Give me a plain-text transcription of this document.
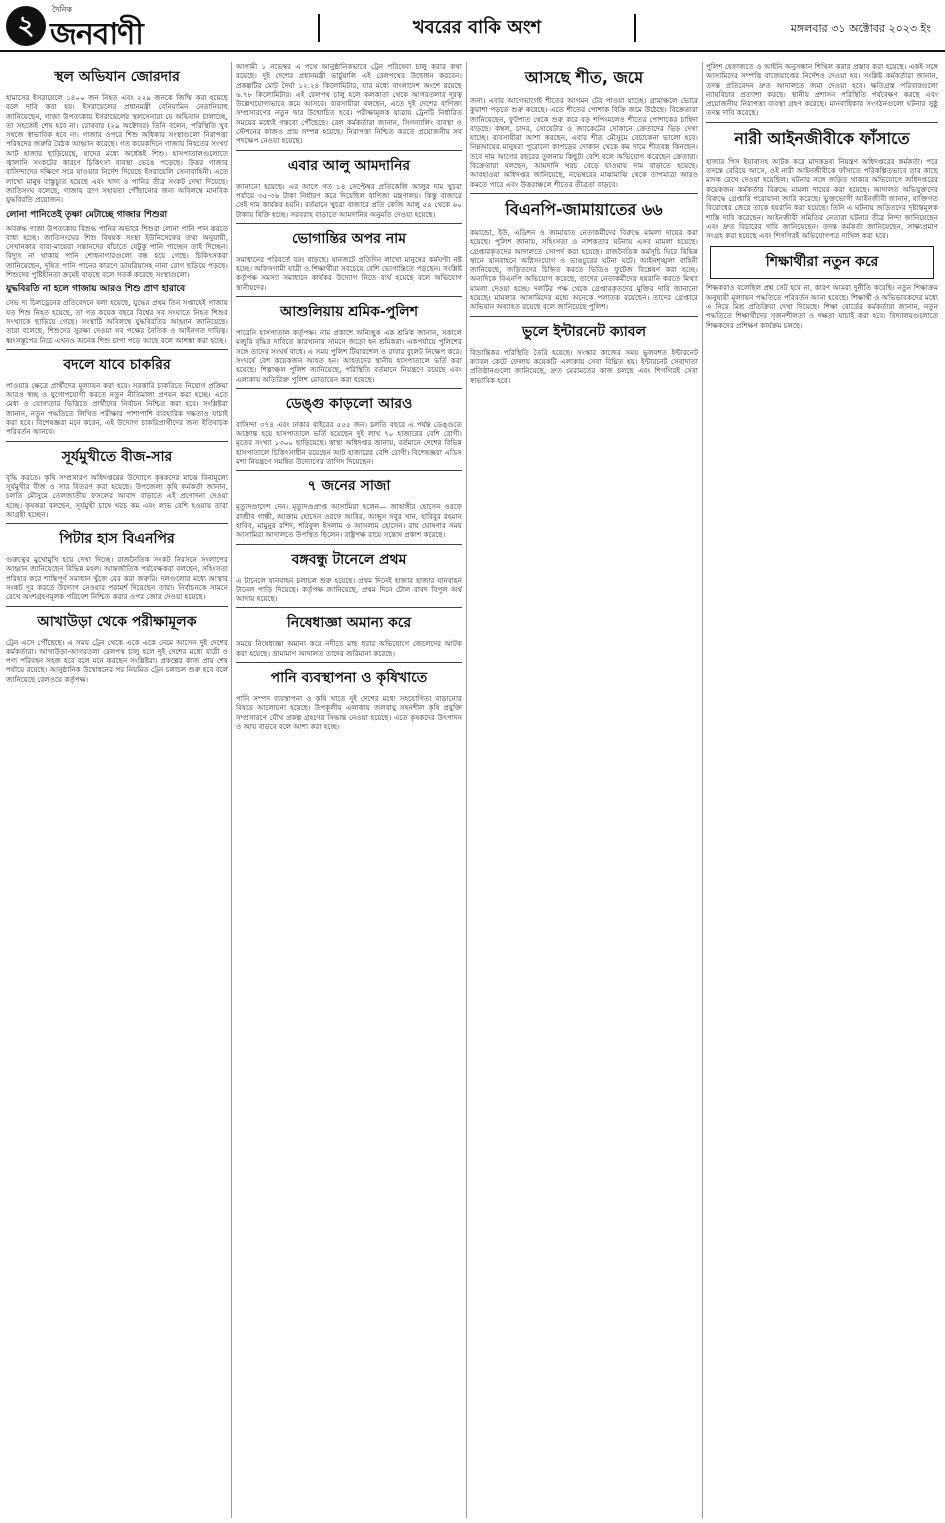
২
দৈনিক
জনবাণী	খবরের বাকি অংশ	মঙ্গলবার ৩১ অক্টোবর ২০২৩ ইং
স্থল অভিযান জোরদার
হামাসের ইসরায়েলে ১৪০০ জন নিহত এবং ২২৯ জনকে জিম্মি করা হয়েছে বলে দাবি করা হয়। ইসরায়েলের প্রধানমন্ত্রী বেনিয়ামিন নেতানিয়াহু জানিয়েছেন, গাজা উপত্যকায় ইসরায়েলের স্থলসেনারা যে অভিযান চালাচ্ছে, তা সহজেই শেষ হবে না। রোববার (২৯ অক্টোবর) তিনি বলেন, পরিস্থিতি খুব সহজে স্বাভাবিক হবে না। গাজার ওপরে শিশু অধিকার সংস্থাগুলো নিরাপত্তা পরিষদের জরুরি বৈঠক আহ্বান করেছে। গত কয়েকদিনে গাজায় নিহতের সংখ্যা আট হাজার ছাড়িয়েছে, যাদের মধ্যে অর্ধেকই শিশু। হাসপাতালগুলোতে জ্বালানি সংকটের কারণে চিকিৎসা ব্যবস্থা ভেঙে পড়েছে। উত্তর গাজার বাসিন্দাদের দক্ষিণে সরে যাওয়ার নির্দেশ দিয়েছে ইসরায়েলি সেনাবাহিনী। এতে লাখো মানুষ বাস্তুচ্যুত হয়েছে এবং খাদ্য ও পানির তীব্র সংকট দেখা দিয়েছে। জাতিসংঘ বলেছে, গাজায় ত্রাণ সহায়তা পৌঁছানোর জন্য অবিলম্বে মানবিক যুদ্ধবিরতি প্রয়োজন।
লোনা পানিতেই তৃষ্ণা মেটাচ্ছে গাজার শিশুরা
অবরুদ্ধ গাজা উপত্যকায় বিশুদ্ধ পানির অভাবে শিশুরা লোনা পানি পান করতে বাধ্য হচ্ছে। জাতিসংঘের শিশু বিষয়ক সংস্থা ইউনিসেফের তথ্য অনুযায়ী, সেখানকার বাবা-মায়েরা সন্তানদের বাঁচাতে যেটুকু পানি পাচ্ছেন তাই দিচ্ছেন। বিদ্যুৎ না থাকায় পানি শোধনাগারগুলো বন্ধ হয়ে গেছে। চিকিৎসকরা জানিয়েছেন, দূষিত পানি পানের কারণে ডায়রিয়াসহ নানা রোগ ছড়িয়ে পড়ছে। শিশুদের পুষ্টিহীনতা ক্রমেই বাড়ছে বলে সতর্ক করেছে সংস্থাগুলো।
যুদ্ধবিরতি না হলে গাজায় আরও শিশু প্রাণ হারাবে
সেভ দ্য চিলড্রেনের প্রতিবেদনে বলা হয়েছে, যুদ্ধের প্রথম তিন সপ্তাহেই গাজায় যত শিশু নিহত হয়েছে, তা গত কয়েক বছরে বিশ্বের সব সংঘাতে নিহত শিশুর সংখ্যাকে ছাড়িয়ে গেছে। সংস্থাটি অবিলম্বে যুদ্ধবিরতির আহ্বান জানিয়েছে। তারা বলেছে, শিশুদের সুরক্ষা দেওয়া সব পক্ষের নৈতিক ও আইনগত দায়িত্ব। ধ্বংসস্তূপের নিচে এখনও অনেক শিশু চাপা পড়ে আছে বলে আশঙ্কা করা হচ্ছে।
বদলে যাবে চাকরির
পাওয়ার ক্ষেত্রে প্রার্থীদের মূল্যায়ন করা হবে। সরকারি চাকরিতে নিয়োগ প্রক্রিয়া আরও স্বচ্ছ ও যুগোপযোগী করতে নতুন নীতিমালা প্রণয়ন করা হচ্ছে। এতে মেধা ও যোগ্যতার ভিত্তিতে প্রার্থীদের নির্বাচন নিশ্চিত করা হবে। সংশ্লিষ্টরা জানান, নতুন পদ্ধতিতে লিখিত পরীক্ষার পাশাপাশি ব্যবহারিক দক্ষতাও যাচাই করা হবে। বিশেষজ্ঞরা মনে করেন, এই উদ্যোগ চাকরিপ্রার্থীদের জন্য ইতিবাচক পরিবর্তন আনবে।
সূর্যমুখীতে বীজ-সার
বৃদ্ধি করতে। কৃষি সম্প্রসারণ অধিদপ্তরের উদ্যোগে কৃষকদের মাঝে বিনামূল্যে সূর্যমুখীর বীজ ও সার বিতরণ করা হয়েছে। উপজেলা কৃষি কর্মকর্তা জানান, চলতি মৌসুমে তেলজাতীয় ফসলের আবাদ বাড়াতে এই প্রণোদনা দেওয়া হচ্ছে। কৃষকরা বলছেন, সূর্যমুখী চাষে খরচ কম এবং লাভ বেশি হওয়ায় তারা আগ্রহী হচ্ছেন।
পিটার হাস বিএনপির
গুরুত্বের মুখোমুখি হয়ে দেখা দিচ্ছে। রাজনৈতিক সংকট নিরসনে সংলাপের আহ্বান জানিয়েছেন বিভিন্ন মহল। আন্তর্জাতিক পর্যবেক্ষকরা বলছেন, সহিংসতা পরিহার করে শান্তিপূর্ণ সমাধান খুঁজে বের করা জরুরি। দলগুলোর মধ্যে আস্থার সংকট দূর করতে উদ্যোগ নেওয়ার পরামর্শ দিয়েছেন তারা। নির্বাচনকে সামনে রেখে অংশগ্রহণমূলক পরিবেশ নিশ্চিত করার ওপর জোর দেওয়া হয়েছে।
আখাউড়া থেকে পরীক্ষামূলক
ট্রেন এসে পৌঁছেছে। এ সময় ট্রেন থেকে একে একে নেমে আসেন দুই দেশের কর্মকর্তারা। আখাউড়া-আগরতলা রেলপথ চালু হলে দুই দেশের মধ্যে যাত্রী ও পণ্য পরিবহন সহজ হবে বলে মনে করছেন সংশ্লিষ্টরা। প্রকল্পের কাজ প্রায় শেষ পর্যায়ে রয়েছে। আনুষ্ঠানিক উদ্বোধনের পর নিয়মিত ট্রেন চলাচল শুরু হবে বলে জানিয়েছে রেলওয়ে কর্তৃপক্ষ।
আগামী ১ নভেম্বর এ পথে আনুষ্ঠানিকভাবে ট্রেন পরিষেবা চালু করার কথা রয়েছে। দুই দেশের প্রধানমন্ত্রী ভার্চুয়ালি এই রেলপথের উদ্বোধন করবেন। প্রকল্পটির মোট দৈর্ঘ্য ১২.২৪ কিলোমিটার, যার মধ্যে বাংলাদেশ অংশে রয়েছে ৬.৭৮ কিলোমিটার। এই রেলপথ চালু হলে কলকাতা থেকে আগরতলার দূরত্ব উল্লেখযোগ্যভাবে কমে আসবে। ব্যবসায়ীরা বলছেন, এতে দুই দেশের বাণিজ্য সম্প্রসারণের নতুন দ্বার উন্মোচিত হবে। পরীক্ষামূলক যাত্রায় ট্রেনটি নির্ধারিত সময়ের মধ্যেই গন্তব্যে পৌঁছেছে। রেল কর্মকর্তারা জানান, সিগন্যালিং ব্যবস্থা ও স্টেশনের কাজও প্রায় সম্পন্ন হয়েছে। নিরাপত্তা নিশ্চিত করতে প্রয়োজনীয় সব পদক্ষেপ নেওয়া হয়েছে।
এবার আলু আমদানির
জানানো হয়েছে। এর আগে গত ১৪ সেপ্টেম্বর প্রতিকেজি আলুর দাম খুচরা পর্যায়ে ৩৫-৩৬ টাকা নির্ধারণ করে দিয়েছিল বাণিজ্য মন্ত্রণালয়। কিন্তু বাজারে সেই দাম কার্যকর হয়নি। বর্তমানে খুচরা বাজারে প্রতি কেজি আলু ৫৫ থেকে ৬০ টাকায় বিক্রি হচ্ছে। সরবরাহ বাড়াতে আমদানির অনুমতি দেওয়া হয়েছে।
ভোগান্তির অপর নাম
সমাধানের পরিবর্তে বরং বাড়ছে। যানজটে প্রতিদিন লাখো মানুষের কর্মঘণ্টা নষ্ট হচ্ছে। অফিসগামী যাত্রী ও শিক্ষার্থীরা সবচেয়ে বেশি ভোগান্তিতে পড়ছেন। সংশ্লিষ্ট কর্তৃপক্ষ সমস্যা সমাধানে কার্যকর উদ্যোগ নিতে ব্যর্থ হয়েছে বলে অভিযোগ স্থানীয়দের।
আশুলিয়ায় শ্রমিক-পুলিশ
পারেনি হাসপাতাল কর্তৃপক্ষ। নাম প্রকাশে অনিচ্ছুক এক শ্রমিক জানান, সকালে মজুরি বৃদ্ধির দাবিতে কারখানার সামনে জড়ো হন শ্রমিকরা। একপর্যায়ে পুলিশের সঙ্গে তাদের সংঘর্ষ বাধে। এ সময় পুলিশ টিয়ারশেল ও রাবার বুলেট নিক্ষেপ করে। সংঘর্ষে বেশ কয়েকজন আহত হন। আহতদের স্থানীয় হাসপাতালে ভর্তি করা হয়েছে। শিল্পাঞ্চল পুলিশ জানিয়েছে, পরিস্থিতি বর্তমানে নিয়ন্ত্রণে রয়েছে এবং এলাকায় অতিরিক্ত পুলিশ মোতায়েন করা হয়েছে।
ডেঙ্গু কাড়লো আরও
বাসিন্দা ৩৭৪ এবং ঢাকার বাইরের ৫৫৫ জন। চলতি বছরে এ পর্যন্ত ডেঙ্গুতে আক্রান্ত হয়ে হাসপাতালে ভর্তি হয়েছেন দুই লাখ ৭০ হাজারের বেশি রোগী। মৃতের সংখ্যা ১৩০০ ছাড়িয়েছে। স্বাস্থ্য অধিদপ্তর জানায়, বর্তমানে দেশের বিভিন্ন হাসপাতালে চিকিৎসাধীন রয়েছেন আট হাজারের বেশি রোগী। বিশেষজ্ঞরা এডিস মশা নিয়ন্ত্রণে সমন্বিত উদ্যোগের তাগিদ দিয়েছেন।
৭ জনের সাজা
মৃত্যুদণ্ডাদেশ দেন। মৃত্যুদণ্ডপ্রাপ্ত আসামিরা হলেন— জাহাঙ্গীর হোসেন ওরফে রাজীব গান্ধী, আক্রাম হোসেন ওরফে আবির, আব্দুস সবুর খান, হাবিবুর রহমান হাবিব, মামুনুর রশিদ, শরিফুল ইসলাম ও আসলাম হোসেন। রায় ঘোষণার সময় আসামিরা আদালতে উপস্থিত ছিলেন। রাষ্ট্রপক্ষ রায়ে সন্তোষ প্রকাশ করেছে।
বঙ্গবন্ধু টানেলে প্রথম
এ টানেলে যানবাহন চলাচল শুরু হয়েছে। প্রথম দিনেই হাজার হাজার যানবাহন টানেল পাড়ি দিয়েছে। কর্তৃপক্ষ জানিয়েছে, প্রথম দিনে টোল বাবদ বিপুল অর্থ আদায় হয়েছে।
নিষেধাজ্ঞা অমান্য করে
সময়ে নিষেধাজ্ঞা অমান্য করে নদীতে মাছ ধরার অভিযোগে জেলেদের আটক করা হয়েছে। ভ্রাম্যমাণ আদালত তাদের জরিমানা করেছে।
পানি ব্যবস্থাপনা ও কৃষিখাতে
পানি সম্পদ ব্যবস্থাপনা ও কৃষি খাতে দুই দেশের মধ্যে সহযোগিতা বাড়ানোর বিষয়ে আলোচনা হয়েছে। উপকূলীয় এলাকায় জলবায়ু সহনশীল কৃষি প্রযুক্তি সম্প্রসারণে যৌথ প্রকল্প গ্রহণের সিদ্ধান্ত নেওয়া হয়েছে। এতে কৃষকদের উৎপাদন ও আয় বাড়বে বলে আশা করা হচ্ছে।
আসছে শীত, জমে
জন্য। এবার আগেভাগেই শীতের আগমন টের পাওয়া যাচ্ছে। গ্রামাঞ্চলে ভোরে কুয়াশা পড়তে শুরু করেছে। এতে শীতের পোশাক বিক্রি জমে উঠেছে। বিক্রেতারা জানিয়েছেন, ফুটপাত থেকে শুরু করে বড় শপিংমলেও শীতের পোশাকের চাহিদা বাড়ছে। কম্বল, চাদর, সোয়েটার ও জ্যাকেটের দোকানে ক্রেতাদের ভিড় দেখা যাচ্ছে। ব্যবসায়ীরা আশা করছেন, এবার শীত মৌসুমে বেচাকেনা ভালো হবে। নিম্নআয়ের মানুষরা পুরোনো কাপড়ের দোকান থেকে কম দামে শীতবস্ত্র কিনছেন। তবে দাম আগের বছরের তুলনায় কিছুটা বেশি বলে অভিযোগ করেছেন ক্রেতারা। বিক্রেতারা বলছেন, আমদানি খরচ বেড়ে যাওয়ায় দাম বাড়াতে হয়েছে। আবহাওয়া অধিদপ্তর জানিয়েছে, নভেম্বরের মাঝামাঝি থেকে তাপমাত্রা আরও কমতে পারে এবং উত্তরাঞ্চলে শীতের তীব্রতা বাড়বে।
বিএনপি-জামায়াতের ৬৬
কমান্ডো, ইউ, এডিশন ও জামায়াত নেতাকর্মীদের বিরুদ্ধে মামলা দায়ের করা হয়েছে। পুলিশ জানায়, সহিংসতা ও নাশকতার ঘটনায় এসব মামলা হয়েছে। গ্রেপ্তারকৃতদের আদালতে সোপর্দ করা হয়েছে। রাজনৈতিক কর্মসূচি ঘিরে বিভিন্ন স্থানে যানবাহনে অগ্নিসংযোগ ও ভাঙচুরের ঘটনা ঘটে। আইনশৃঙ্খলা বাহিনী জানিয়েছে, জড়িতদের চিহ্নিত করতে ভিডিও ফুটেজ বিশ্লেষণ করা হচ্ছে। অন্যদিকে বিএনপি অভিযোগ করেছে, তাদের নেতাকর্মীদের হয়রানি করতে মিথ্যা মামলা দেওয়া হচ্ছে। দলটির পক্ষ থেকে গ্রেপ্তারকৃতদের মুক্তির দাবি জানানো হয়েছে। মামলার আসামিদের মধ্যে অনেকে পলাতক রয়েছেন। তাদের গ্রেপ্তারে অভিযান অব্যাহত রয়েছে বলে জানিয়েছে পুলিশ।
ভুলে ইন্টারনেট ক্যাবল
বিভ্রান্তিকর পরিস্থিতি তৈরি হয়েছে। সংস্কার কাজের সময় ভুলবশত ইন্টারনেট ক্যাবল কেটে ফেলায় কয়েকটি এলাকায় সেবা বিঘ্নিত হয়। ইন্টারনেট সেবাদাতা প্রতিষ্ঠানগুলো জানিয়েছে, দ্রুত মেরামতের কাজ চলছে এবং শিগগিরই সেবা স্বাভাবিক হবে।
পুলিশ হেফাজতে ও আইনি অনুসন্ধান শিথিল করার প্রস্তাব করা হয়েছে। একই সঙ্গে আসামিদের সম্পত্তি বাজেয়াপ্তের নির্দেশও দেওয়া হয়। সংশ্লিষ্ট কর্মকর্তারা জানান, তদন্ত প্রতিবেদন দ্রুত আদালতে জমা দেওয়া হবে। ক্ষতিগ্রস্ত পরিবারগুলো ন্যায়বিচার প্রত্যাশা করছে। স্থানীয় প্রশাসন পরিস্থিতি পর্যবেক্ষণ করছে এবং প্রয়োজনীয় নিরাপত্তা ব্যবস্থা গ্রহণ করেছে। মানবাধিকার সংগঠনগুলো ঘটনার সুষ্ঠু তদন্ত দাবি করেছে।
নারী আইনজীবীকে ফাঁসাতে
হাজার পিস ইয়াবাসহ আটক করে মাদকদ্রব্য নিয়ন্ত্রণ অধিদপ্তরের কর্মকর্তা। পরে তদন্তে বেরিয়ে আসে, ওই নারী আইনজীবীকে ফাঁসাতে পরিকল্পিতভাবে তার কাছে মাদক রেখে দেওয়া হয়েছিল। ঘটনার সঙ্গে জড়িত থাকার অভিযোগে অধিদপ্তরের কয়েকজন কর্মকর্তার বিরুদ্ধে মামলা দায়ের করা হয়েছে। আদালত অভিযুক্তদের বিরুদ্ধে গ্রেপ্তারি পরোয়ানা জারি করেছে। ভুক্তভোগী আইনজীবী জানান, ব্যক্তিগত বিরোধের জেরে তাকে হয়রানি করা হয়েছে। তিনি এ ঘটনায় জড়িতদের দৃষ্টান্তমূলক শাস্তি দাবি করেছেন। আইনজীবী সমিতির নেতারা ঘটনার তীব্র নিন্দা জানিয়েছেন এবং দ্রুত বিচারের দাবি জানিয়েছেন। তদন্ত কর্মকর্তা জানিয়েছেন, সাক্ষ্যপ্রমাণ সংগ্রহ করা হয়েছে এবং শিগগিরই অভিযোগপত্র দাখিল করা হবে।
শিক্ষার্থীরা নতুন করে
শিক্ষকরাও বলেছিল প্রশ্ন সেট হবে না, কারণ আমরা দুর্নীতি করেছি। নতুন শিক্ষাক্রম অনুযায়ী মূল্যায়ন পদ্ধতিতে পরিবর্তন আনা হয়েছে। শিক্ষার্থী ও অভিভাবকদের মধ্যে এ নিয়ে মিশ্র প্রতিক্রিয়া দেখা দিয়েছে। শিক্ষা বোর্ডের কর্মকর্তারা জানান, নতুন পদ্ধতিতে শিক্ষার্থীদের সৃজনশীলতা ও দক্ষতা যাচাই করা হবে। বিদ্যালয়গুলোতে শিক্ষকদের প্রশিক্ষণ কার্যক্রম চলছে।
